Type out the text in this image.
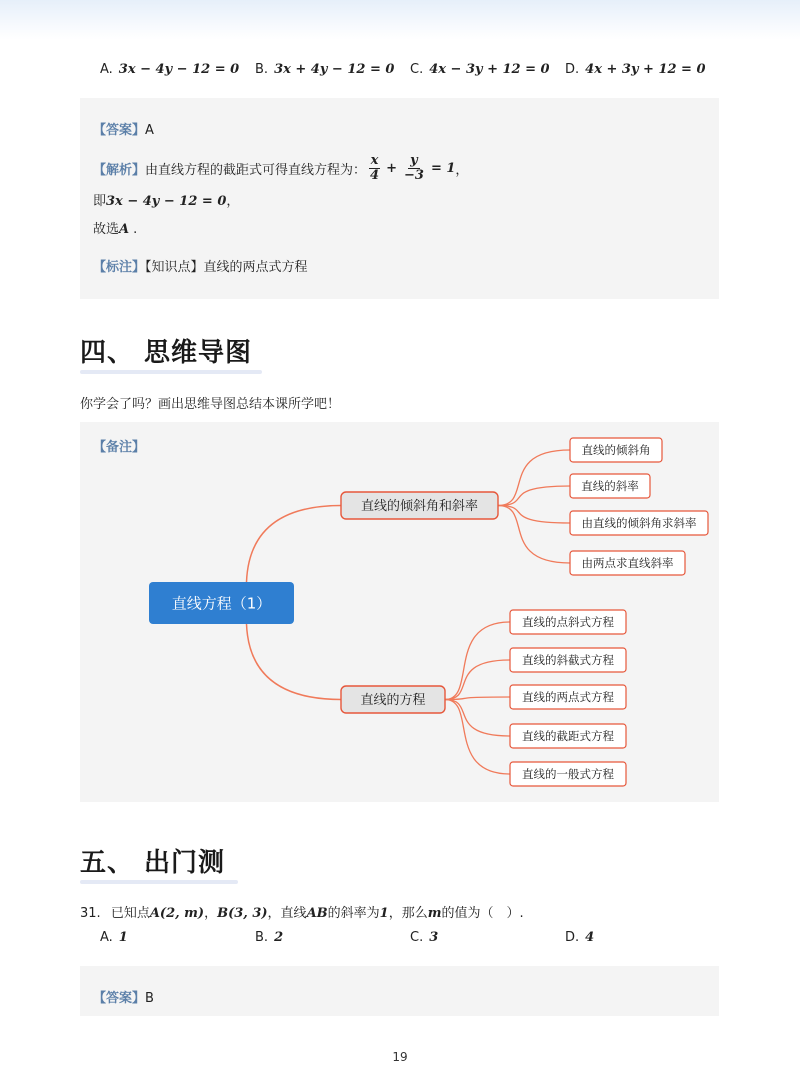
A. 3x − 4y − 12 = 0	B. 3x + 4y − 12 = 0	C. 4x − 3y + 12 = 0	D. 4x + 3y + 12 = 0
【答案】A
【解析】 由直线方程的截距式可得直线方程为： $\frac{x}{4} + \frac{y}{-3} = 1$ ，
即3x − 4y − 12 = 0，
故选A .
【标注】【知识点】直线的两点式方程
四、 思维导图
你学会了吗？画出思维导图总结本课所学吧！
【备注】
直线方程（1）
直线的倾斜角和斜率
直线的倾斜角
直线的斜率
由直线的倾斜角求斜率
由两点求直线斜率
直线的方程
直线的点斜式方程
直线的斜截式方程
直线的两点式方程
直线的截距式方程
直线的一般式方程
五、 出门测
31. 已知点A(2, m)，B(3, 3)，直线AB的斜率为1，那么m的值为（　）.
A. 1	B. 2	C. 3	D. 4
【答案】B
19
